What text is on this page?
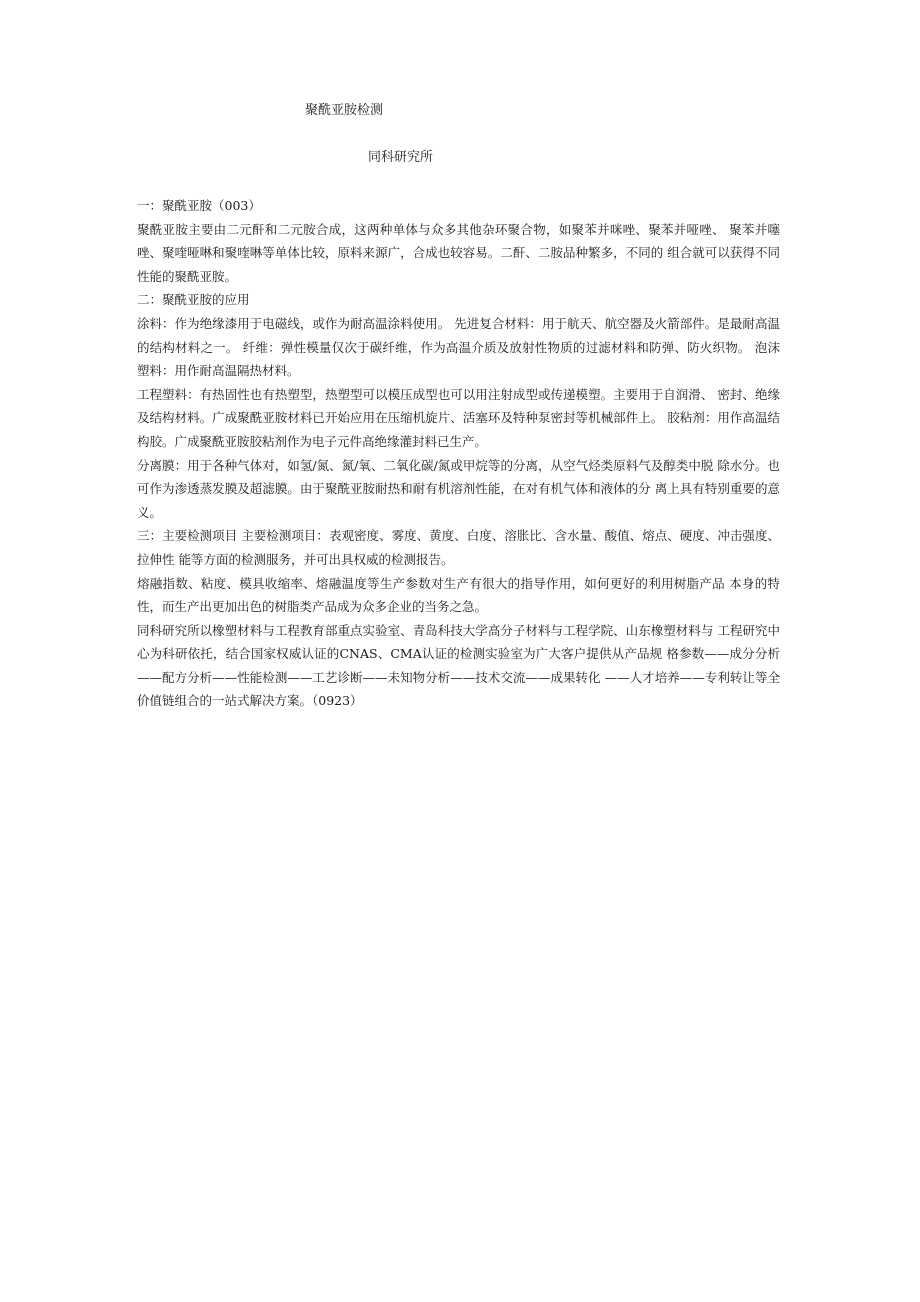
聚酰亚胺检测
同科研究所

一：聚酰亚胺（003）

聚酰亚胺主要由二元酐和二元胺合成，这两种单体与众多其他杂环聚合物，如聚苯并咪唑、聚苯并哑唑、 聚苯并噻唑、聚喹哑啉和聚喹啉等单体比较，原料来源广，合成也较容易。二酐、二胺品种繁多，不同的 组合就可以获得不同性能的聚酰亚胺。

二：聚酰亚胺的应用

涂料：作为绝缘漆用于电磁线，或作为耐高温涂料使用。 先进复合材料：用于航天、航空器及火箭部件。是最耐高温的结构材料之一。 纤维：弹性模量仅次于碳纤维，作为高温介质及放射性物质的过滤材料和防弹、防火织物。 泡沫塑料：用作耐高温隔热材料。

工程塑料：有热固性也有热塑型，热塑型可以模压成型也可以用注射成型或传递模塑。主要用于自润滑、 密封、绝缘及结构材料。广成聚酰亚胺材料已开始应用在压缩机旋片、活塞环及特种泵密封等机械部件上。 胶粘剂：用作高温结构胶。广成聚酰亚胺胶粘剂作为电子元件高绝缘灌封料已生产。

分离膜：用于各种气体对，如氢/氮、氮/氧、二氧化碳/氮或甲烷等的分离，从空气烃类原料气及醇类中脱 除水分。也可作为渗透蒸发膜及超滤膜。由于聚酰亚胺耐热和耐有机溶剂性能，在对有机气体和液体的分 离上具有特别重要的意义。

三：主要检测项目 主要检测项目：表观密度、雾度、黄度、白度、溶胀比、含水量、酸值、熔点、硬度、冲击强度、拉伸性 能等方面的检测服务，并可出具权威的检测报告。

熔融指数、粘度、模具收缩率、熔融温度等生产参数对生产有很大的指导作用，如何更好的利用树脂产品 本身的特性，而生产出更加出色的树脂类产品成为众多企业的当务之急。

同科研究所以橡塑材料与工程教育部重点实验室、青岛科技大学高分子材料与工程学院、山东橡塑材料与 工程研究中心为科研依托，结合国家权威认证的CNAS、CMA认证的检测实验室为广大客户提供从产品规 格参数——成分分析——配方分析——性能检测——工艺诊断——未知物分析——技术交流——成果转化 ——人才培养——专利转让等全价值链组合的一站式解决方案。（0923）
